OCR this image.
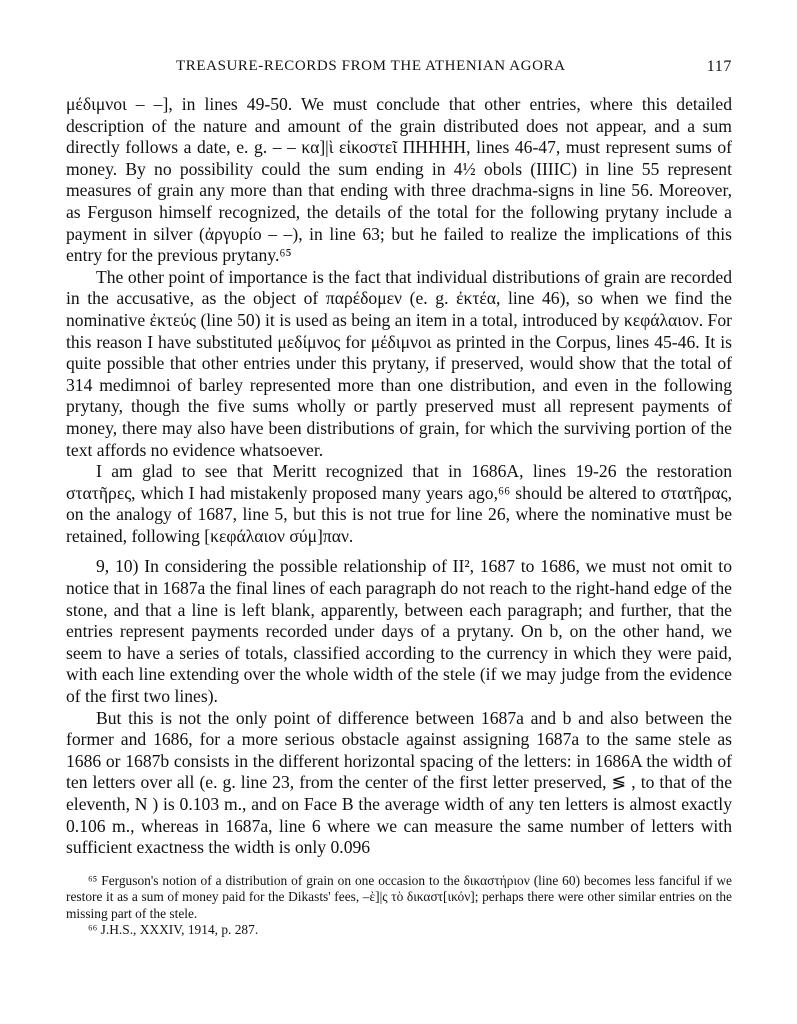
TREASURE-RECORDS FROM THE ATHENIAN AGORA	117

μέδιμνοι – –], in lines 49-50. We must conclude that other entries, where this detailed description of the nature and amount of the grain distributed does not appear, and a sum directly follows a date, e. g. – – κα]|ὶ εἰκοστεῖ ΠΗΗΗΗ, lines 46-47, must represent sums of money. By no possibility could the sum ending in 4½ obols (IIIIC) in line 55 represent measures of grain any more than that ending with three drachma-signs in line 56. Moreover, as Ferguson himself recognized, the details of the total for the following prytany include a payment in silver (ἀργυρίο – –), in line 63; but he failed to realize the implications of this entry for the previous prytany.⁶⁵

The other point of importance is the fact that individual distributions of grain are recorded in the accusative, as the object of παρέδομεν (e. g. ἐκτέα, line 46), so when we find the nominative ἐκτεύς (line 50) it is used as being an item in a total, introduced by κεφάλαιον. For this reason I have substituted μεδίμνος for μέδιμνοι as printed in the Corpus, lines 45-46. It is quite possible that other entries under this prytany, if preserved, would show that the total of 314 medimnoi of barley represented more than one distribution, and even in the following prytany, though the five sums wholly or partly preserved must all represent payments of money, there may also have been distributions of grain, for which the surviving portion of the text affords no evidence whatsoever.

I am glad to see that Meritt recognized that in 1686A, lines 19-26 the restoration στατῆρες, which I had mistakenly proposed many years ago,⁶⁶ should be altered to στατῆρας, on the analogy of 1687, line 5, but this is not true for line 26, where the nominative must be retained, following [κεφάλαιον σύμ]παν.

9, 10) In considering the possible relationship of II², 1687 to 1686, we must not omit to notice that in 1687a the final lines of each paragraph do not reach to the right-hand edge of the stone, and that a line is left blank, apparently, between each paragraph; and further, that the entries represent payments recorded under days of a prytany. On b, on the other hand, we seem to have a series of totals, classified according to the currency in which they were paid, with each line extending over the whole width of the stele (if we may judge from the evidence of the first two lines).

But this is not the only point of difference between 1687a and b and also between the former and 1686, for a more serious obstacle against assigning 1687a to the same stele as 1686 or 1687b consists in the different horizontal spacing of the letters: in 1686A the width of ten letters over all (e. g. line 23, from the center of the first letter preserved, ≶ , to that of the eleventh, N ) is 0.103 m., and on Face B the average width of any ten letters is almost exactly 0.106 m., whereas in 1687a, line 6 where we can measure the same number of letters with sufficient exactness the width is only 0.096

⁶⁵ Ferguson's notion of a distribution of grain on one occasion to the δικαστήριον (line 60) becomes less fanciful if we restore it as a sum of money paid for the Dikasts' fees, –ὲ]|ς τὸ δικαστ[ικόν]; perhaps there were other similar entries on the missing part of the stele.

⁶⁶ J.H.S., XXXIV, 1914, p. 287.
